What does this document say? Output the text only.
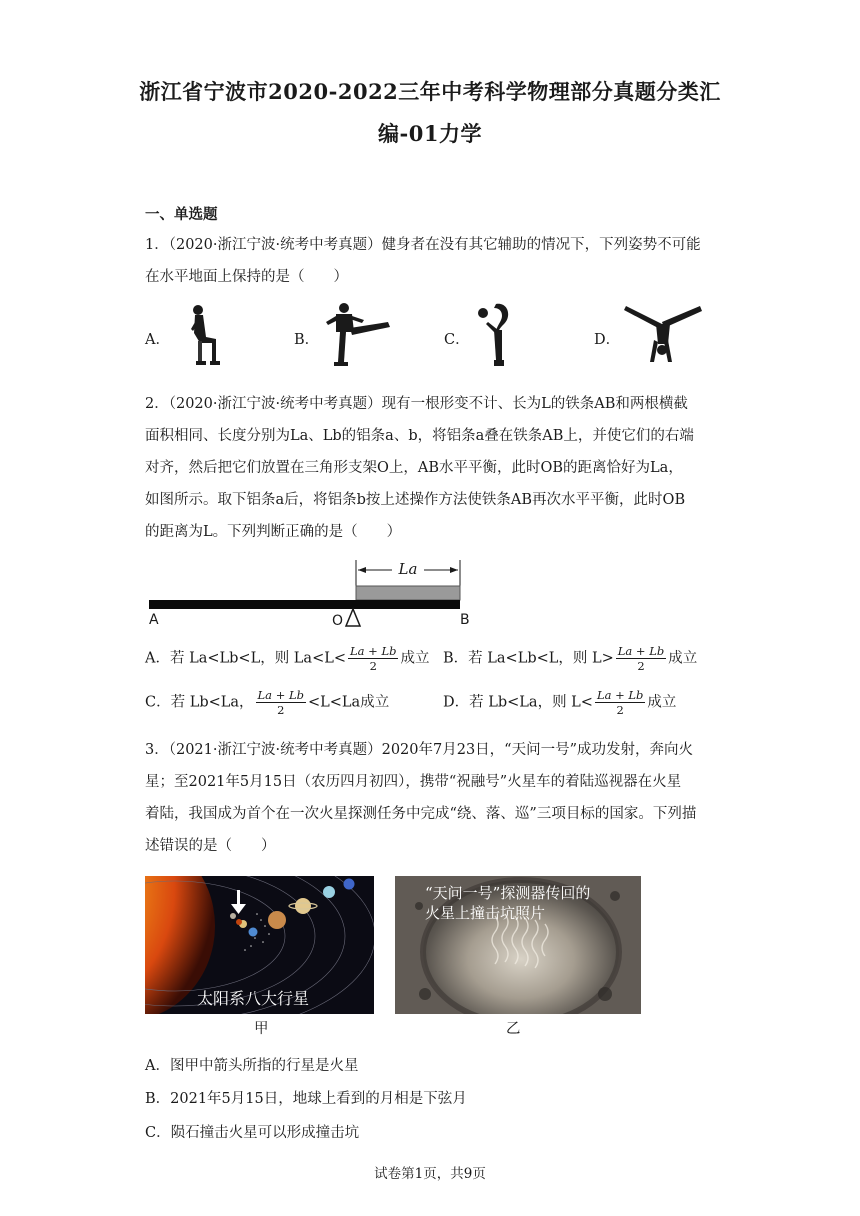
浙江省宁波市2020-2022三年中考科学物理部分真题分类汇
编-01力学
一、单选题
1．（2020·浙江宁波·统考中考真题）健身者在没有其它辅助的情况下，下列姿势不可能
在水平地面上保持的是（　　）
A．	B．	C．	D．
2．（2020·浙江宁波·统考中考真题）现有一根形变不计、长为L的铁条AB和两根横截
面积相同、长度分别为La、Lb的铝条a、b，将铝条a叠在铁条AB上，并使它们的右端
对齐，然后把它们放置在三角形支架O上，AB水平平衡，此时OB的距离恰好为La，
如图所示。取下铝条a后，将铝条b按上述操作方法使铁条AB再次水平平衡，此时OB
的距离为L。下列判断正确的是（　　）
La
A	O	B
A．若 La<Lb<L，则 $La<L< \frac{La + Lb}{2}$ 成立 B．若 La<Lb<L，则 $L> \frac{La + Lb}{2}$ 成立
C．若 Lb<La， $\frac{La + Lb}{2} <L<La$成立	D．若 Lb<La，则 $L< \frac{La + Lb}{2}$ 成立
3．（2021·浙江宁波·统考中考真题）2020年7月23日，“天问一号”成功发射，奔向火
星；至2021年5月15日（农历四月初四），携带“祝融号”火星车的着陆巡视器在火星
着陆，我国成为首个在一次火星探测任务中完成“绕、落、巡”三项目标的国家。下列描
述错误的是（　　）
太阳系八大行星
“天问一号”探测器传回的
火星上撞击坑照片
甲	乙
A．图甲中箭头所指的行星是火星
B．2021年5月15日，地球上看到的月相是下弦月
C．陨石撞击火星可以形成撞击坑
试卷第1页，共9页
